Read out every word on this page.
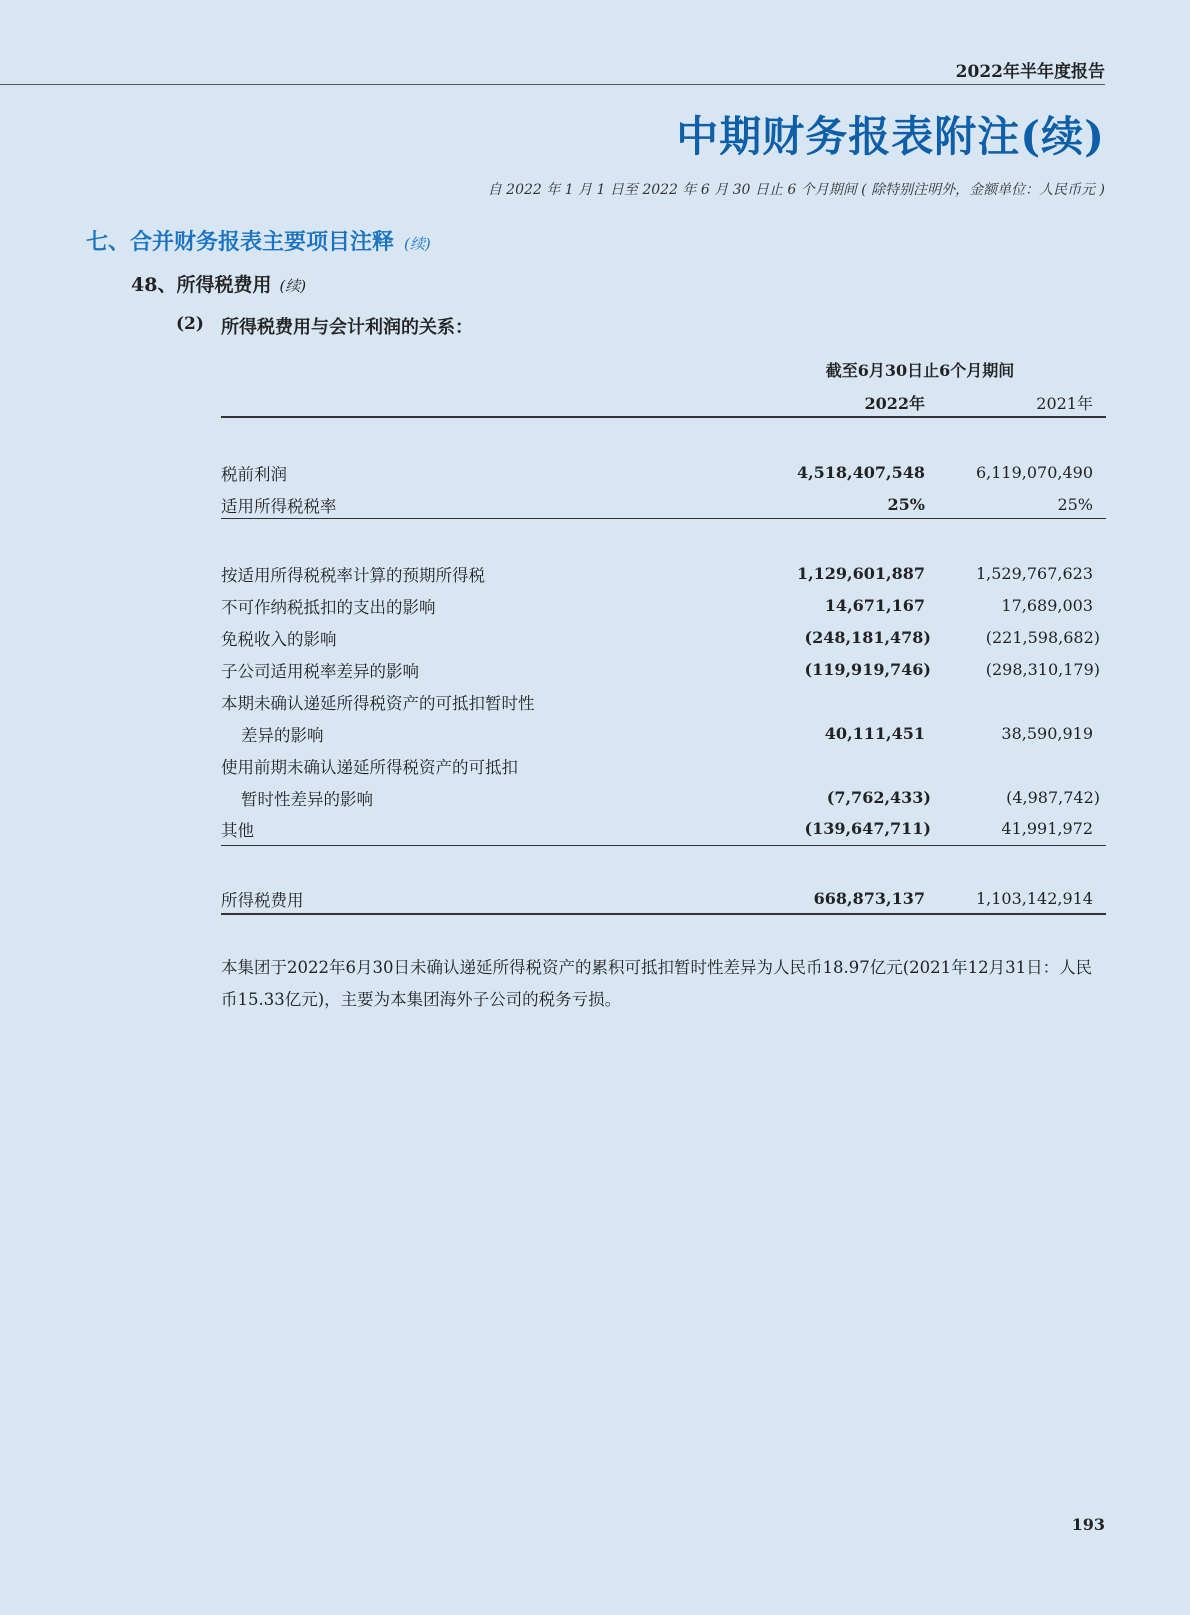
2022年半年度报告
中期财务报表附注(续)
自 2022 年 1 月 1 日至 2022 年 6 月 30 日止 6 个月期间 ( 除特别注明外，金额单位：人民币元 )
七、合并财务报表主要项目注释 (续)
48、所得税费用 (续)
(2) 所得税费用与会计利润的关系：
截至6月30日止6个月期间
2022年	2021年
税前利润	4,518,407,548	6,119,070,490
适用所得税税率	25%	25%
按适用所得税税率计算的预期所得税	1,129,601,887	1,529,767,623
不可作纳税抵扣的支出的影响	14,671,167	17,689,003
免税收入的影响	(248,181,478)	(221,598,682)
子公司适用税率差异的影响	(119,919,746)	(298,310,179)
本期未确认递延所得税资产的可抵扣暂时性
差异的影响	40,111,451	38,590,919
使用前期未确认递延所得税资产的可抵扣
暂时性差异的影响	(7,762,433)	(4,987,742)
其他	(139,647,711)	41,991,972
所得税费用	668,873,137	1,103,142,914
本集团于2022年6月30日未确认递延所得税资产的累积可抵扣暂时性差异为人民币18.97亿元(2021年12月31日：人民币15.33亿元)，主要为本集团海外子公司的税务亏损。
193
